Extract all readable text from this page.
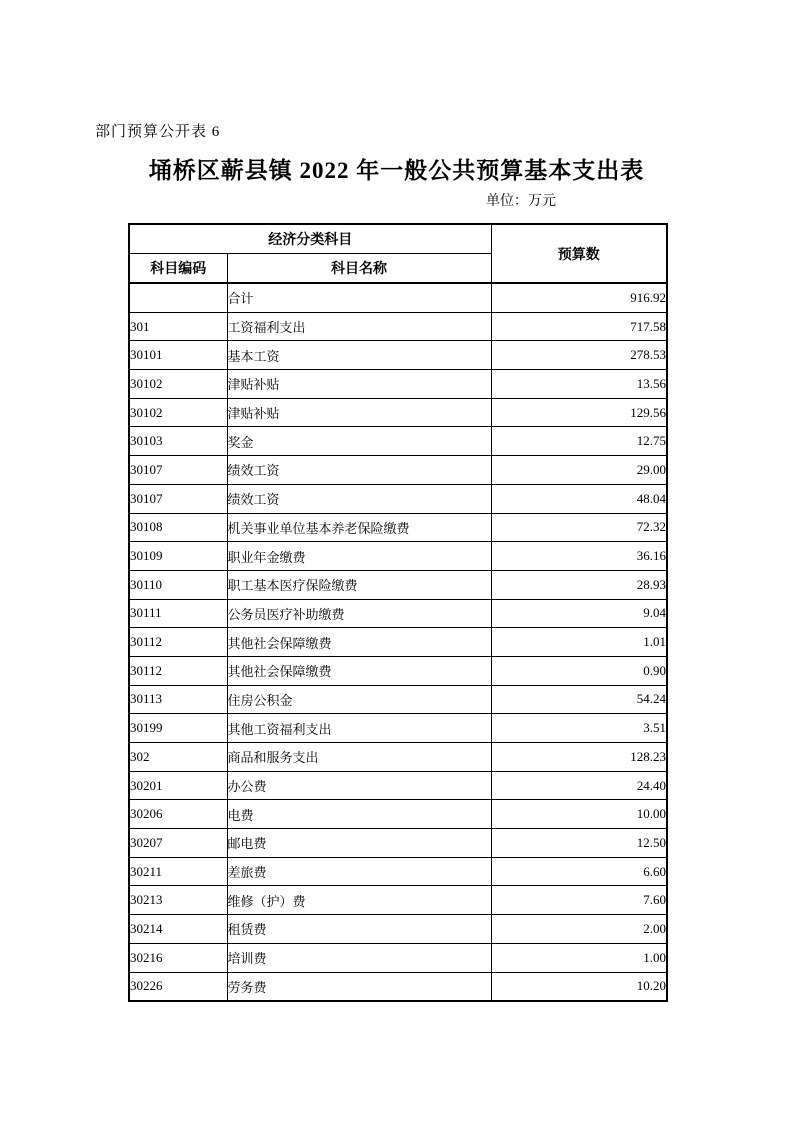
部门预算公开表 6
埇桥区蕲县镇 2022 年一般公共预算基本支出表
单位：万元
经济分类科目		预算数
科目编码	科目名称	
	合计	916.92
301	工资福利支出	717.58
30101	基本工资	278.53
30102	津贴补贴	13.56
30102	津贴补贴	129.56
30103	奖金	12.75
30107	绩效工资	29.00
30107	绩效工资	48.04
30108	机关事业单位基本养老保险缴费	72.32
30109	职业年金缴费	36.16
30110	职工基本医疗保险缴费	28.93
30111	公务员医疗补助缴费	9.04
30112	其他社会保障缴费	1.01
30112	其他社会保障缴费	0.90
30113	住房公积金	54.24
30199	其他工资福利支出	3.51
302	商品和服务支出	128.23
30201	办公费	24.40
30206	电费	10.00
30207	邮电费	12.50
30211	差旅费	6.60
30213	维修（护）费	7.60
30214	租赁费	2.00
30216	培训费	1.00
30226	劳务费	10.20
